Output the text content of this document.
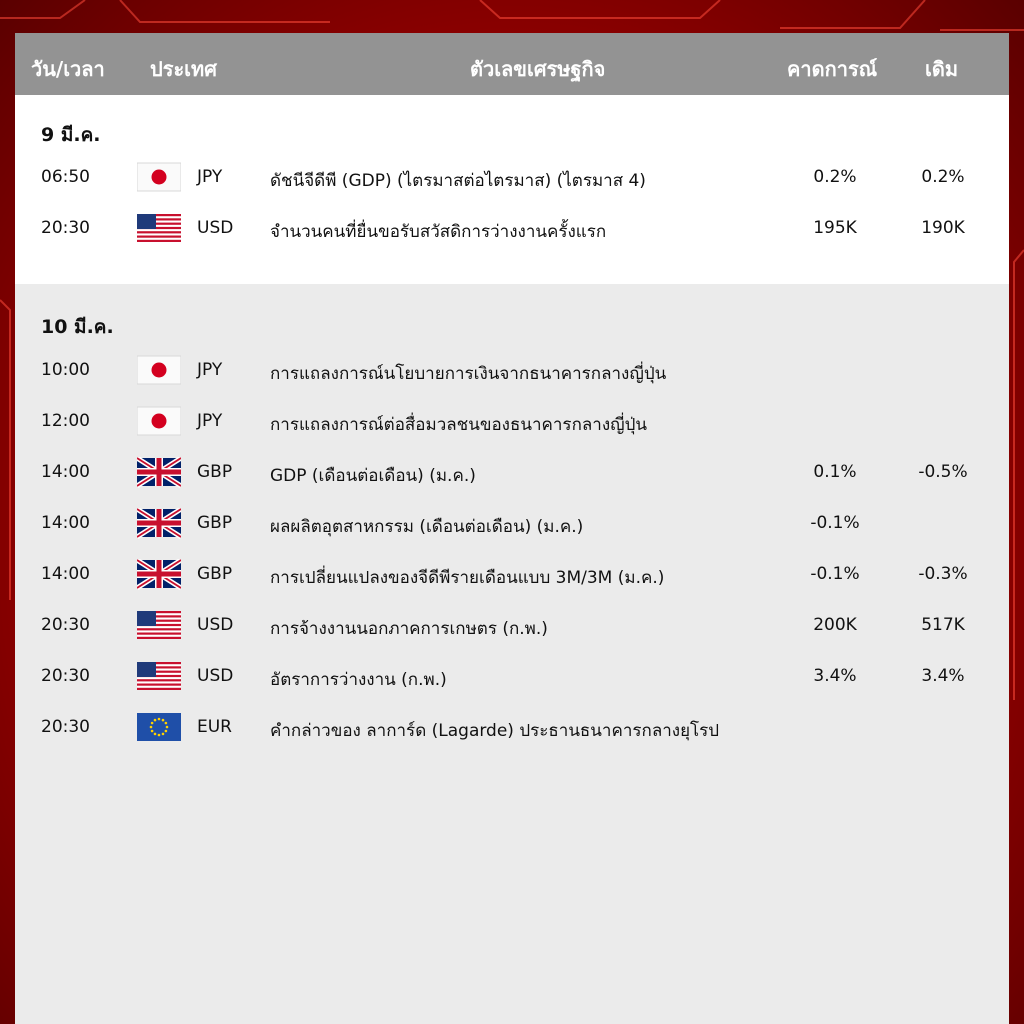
วัน/เวลา ประเทศ	ตัวเลขเศรษฐกิจ	คาดการณ์ เดิม
9 มี.ค.
06:50	JPY	ดัชนีจีดีพี (GDP) (ไตรมาสต่อไตรมาส) (ไตรมาส 4)	0.2%	0.2%
20:30	USD จำนวนคนที่ยื่นขอรับสวัสดิการว่างงานครั้งแรก	195K	190K
10 มี.ค.
10:00	JPY	การแถลงการณ์นโยบายการเงินจากธนาคารกลางญี่ปุ่น
12:00	JPY	การแถลงการณ์ต่อสื่อมวลชนของธนาคารกลางญี่ปุ่น
14:00	GBP GDP (เดือนต่อเดือน) (ม.ค.)	0.1%	-0.5%
14:00	GBP ผลผลิตอุตสาหกรรม (เดือนต่อเดือน) (ม.ค.)	-0.1%
14:00	GBP การเปลี่ยนแปลงของจีดีพีรายเดือนแบบ 3M/3M (ม.ค.)	-0.1%	-0.3%
20:30	USD การจ้างงานนอกภาคการเกษตร (ก.พ.)	200K	517K
20:30	USD อัตราการว่างงาน (ก.พ.)	3.4%	3.4%
20:30	EUR คำกล่าวของ ลาการ์ด (Lagarde) ประธานธนาคารกลางยุโรป
